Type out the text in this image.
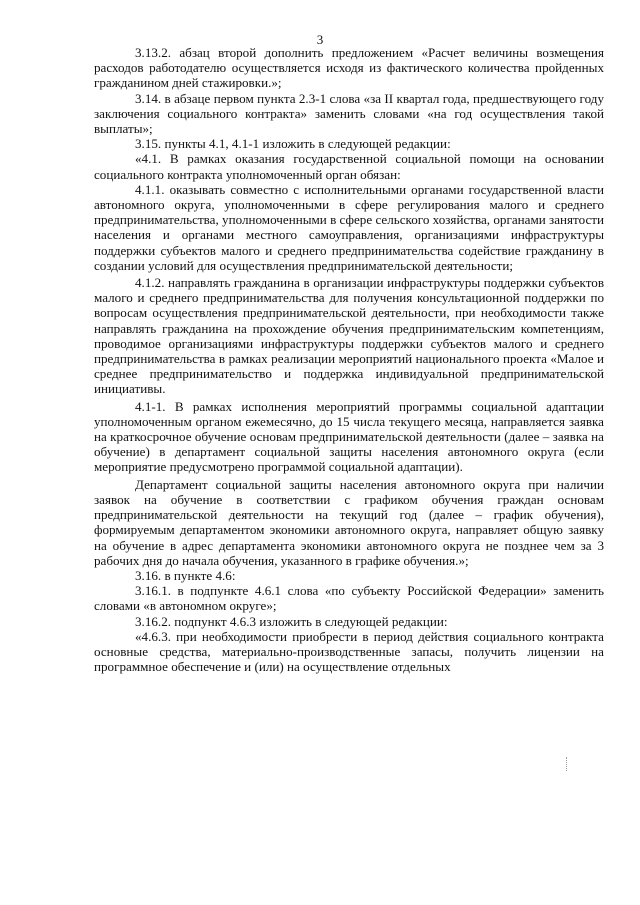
3

3.13.2. абзац второй дополнить предложением «Расчет величины возмещения расходов работодателю осуществляется исходя из фактического количества пройденных гражданином дней стажировки.»;

3.14. в абзаце первом пункта 2.3-1 слова «за II квартал года, предшествующего году заключения социального контракта» заменить словами «на год осуществления такой выплаты»;

3.15. пункты 4.1, 4.1-1 изложить в следующей редакции:

«4.1. В рамках оказания государственной социальной помощи на основании социального контракта уполномоченный орган обязан:

4.1.1. оказывать совместно с исполнительными органами государственной власти автономного округа, уполномоченными в сфере регулирования малого и среднего предпринимательства, уполномоченными в сфере сельского хозяйства, органами занятости населения и органами местного самоуправления, организациями инфраструктуры поддержки субъектов малого и среднего предпринимательства содействие гражданину в создании условий для осуществления предпринимательской деятельности;

4.1.2. направлять гражданина в организации инфраструктуры поддержки субъектов малого и среднего предпринимательства для получения консультационной поддержки по вопросам осуществления предпринимательской деятельности, при необходимости также направлять гражданина на прохождение обучения предпринимательским компетенциям, проводимое организациями инфраструктуры поддержки субъектов малого и среднего предпринимательства в рамках реализации мероприятий национального проекта «Малое и среднее предпринимательство и поддержка индивидуальной предпринимательской инициативы.

4.1-1. В рамках исполнения мероприятий программы социальной адаптации уполномоченным органом ежемесячно, до 15 числа текущего месяца, направляется заявка на краткосрочное обучение основам предпринимательской деятельности (далее – заявка на обучение) в департамент социальной защиты населения автономного округа (если мероприятие предусмотрено программой социальной адаптации).

Департамент социальной защиты населения автономного округа при наличии заявок на обучение в соответствии с графиком обучения граждан основам предпринимательской деятельности на текущий год (далее – график обучения), формируемым департаментом экономики автономного округа, направляет общую заявку на обучение в адрес департамента экономики автономного округа не позднее чем за 3 рабочих дня до начала обучения, указанного в графике обучения.»;

3.16. в пункте 4.6:

3.16.1. в подпункте 4.6.1 слова «по субъекту Российской Федерации» заменить словами «в автономном округе»;

3.16.2. подпункт 4.6.3 изложить в следующей редакции:

«4.6.3. при необходимости приобрести в период действия социального контракта основные средства, материально-производственные запасы, получить лицензии на программное обеспечение и (или) на осуществление отдельных
